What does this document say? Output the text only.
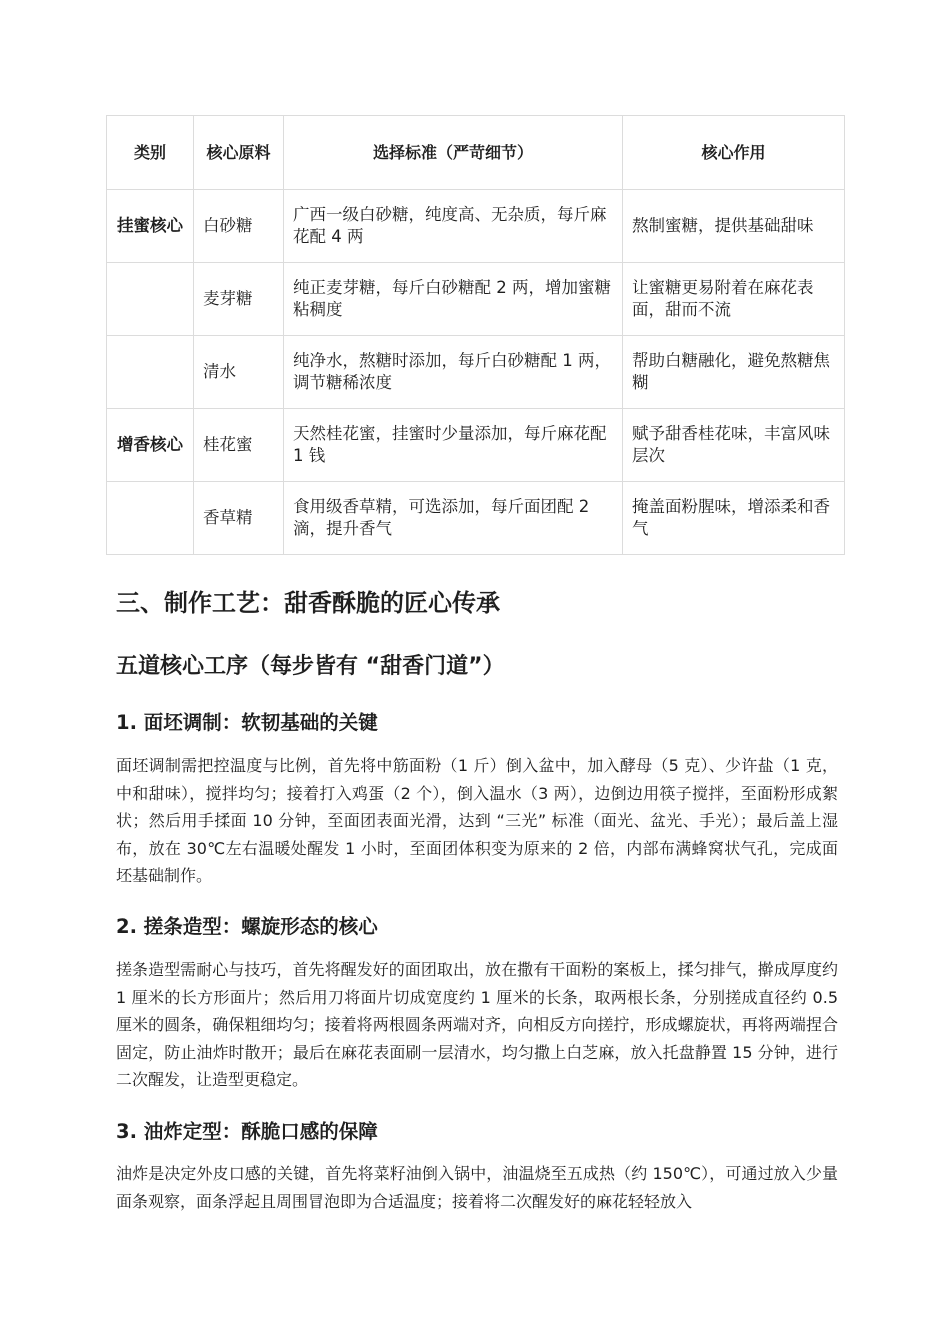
类别	核心原料	选择标准（严苛细节）	核心作用
挂蜜核心	白砂糖	广西一级白砂糖，纯度高、无杂质，每斤麻花配 4 两	熬制蜜糖，提供基础甜味
	麦芽糖	纯正麦芽糖，每斤白砂糖配 2 两，增加蜜糖粘稠度	让蜜糖更易附着在麻花表面，甜而不流
	清水	纯净水，熬糖时添加，每斤白砂糖配 1 两，调节糖稀浓度	帮助白糖融化，避免熬糖焦糊
增香核心	桂花蜜	天然桂花蜜，挂蜜时少量添加，每斤麻花配 1 钱	赋予甜香桂花味，丰富风味层次
	香草精	食用级香草精，可选添加，每斤面团配 2 滴，提升香气	掩盖面粉腥味，增添柔和香气
三、制作工艺：甜香酥脆的匠心传承
五道核心工序（每步皆有 “甜香门道”）
1. 面坯调制：软韧基础的关键

面坯调制需把控温度与比例，首先将中筋面粉（1 斤）倒入盆中，加入酵母（5 克）、少许盐（1 克，中和甜味），搅拌均匀；接着打入鸡蛋（2 个），倒入温水（3 两），边倒边用筷子搅拌，至面粉形成絮状；然后用手揉面 10 分钟，至面团表面光滑，达到 “三光” 标准（面光、盆光、手光）；最后盖上湿布，放在 30℃左右温暖处醒发 1 小时，至面团体积变为原来的 2 倍，内部布满蜂窝状气孔，完成面坯基础制作。

2. 搓条造型：螺旋形态的核心

搓条造型需耐心与技巧，首先将醒发好的面团取出，放在撒有干面粉的案板上，揉匀排气，擀成厚度约 1 厘米的长方形面片；然后用刀将面片切成宽度约 1 厘米的长条，取两根长条，分别搓成直径约 0.5 厘米的圆条，确保粗细均匀；接着将两根圆条两端对齐，向相反方向搓拧，形成螺旋状，再将两端捏合固定，防止油炸时散开；最后在麻花表面刷一层清水，均匀撒上白芝麻，放入托盘静置 15 分钟，进行二次醒发，让造型更稳定。

3. 油炸定型：酥脆口感的保障

油炸是决定外皮口感的关键，首先将菜籽油倒入锅中，油温烧至五成热（约 150℃），可通过放入少量面条观察，面条浮起且周围冒泡即为合适温度；接着将二次醒发好的麻花轻轻放入
